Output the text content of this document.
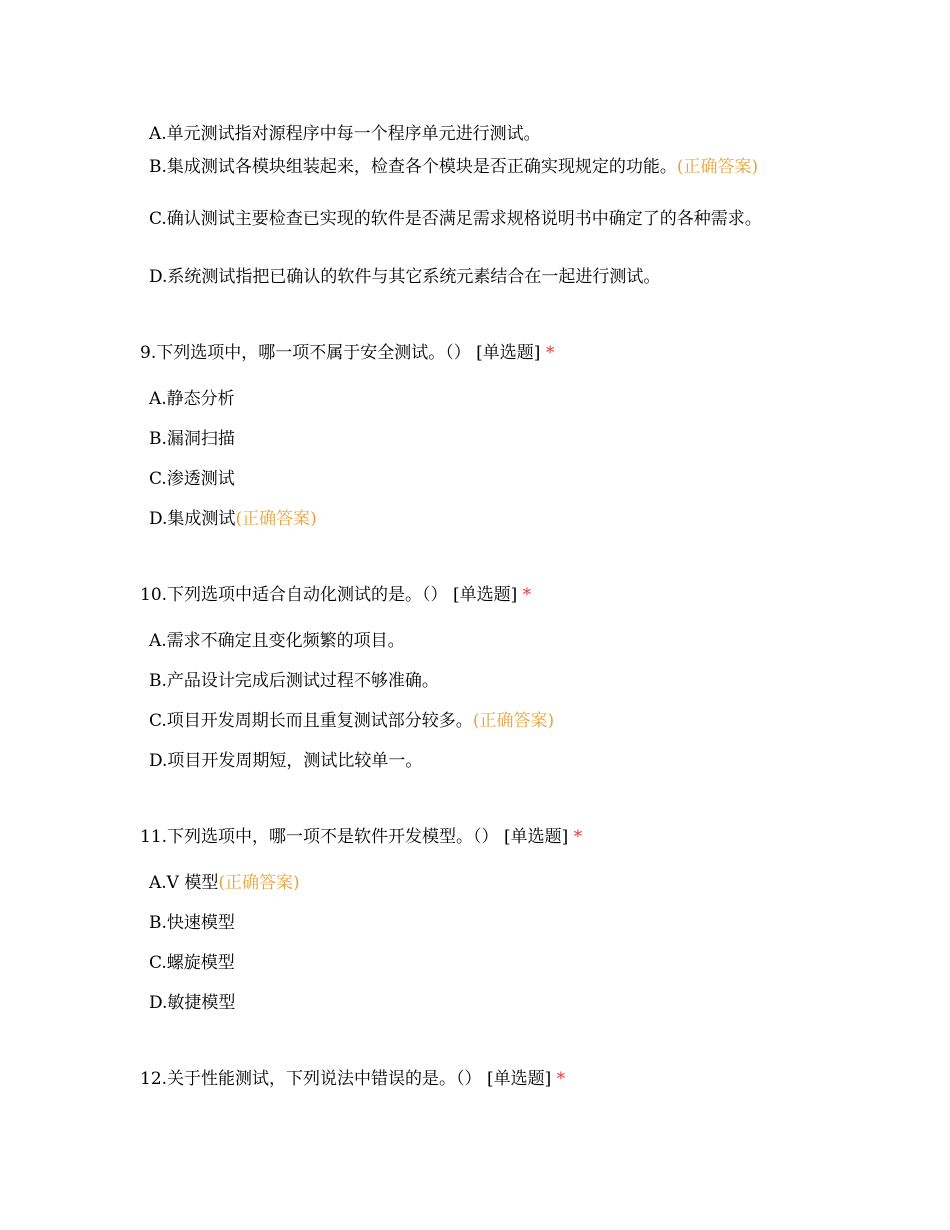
A.单元测试指对源程序中每一个程序单元进行测试。
B.集成测试各模块组装起来，检查各个模块是否正确实现规定的功能。(正确答案)
C.确认测试主要检查已实现的软件是否满足需求规格说明书中确定了的各种需求。
D.系统测试指把已确认的软件与其它系统元素结合在一起进行测试。
9.下列选项中，哪一项不属于安全测试。（） [单选题] *
A.静态分析
B.漏洞扫描
C.渗透测试
D.集成测试(正确答案)
10.下列选项中适合自动化测试的是。（） [单选题] *
A.需求不确定且变化频繁的项目。
B.产品设计完成后测试过程不够准确。
C.项目开发周期长而且重复测试部分较多。(正确答案)
D.项目开发周期短，测试比较单一。
11.下列选项中，哪一项不是软件开发模型。（） [单选题] *
A.V 模型(正确答案)
B.快速模型
C.螺旋模型
D.敏捷模型
12.关于性能测试，下列说法中错误的是。（） [单选题] *
